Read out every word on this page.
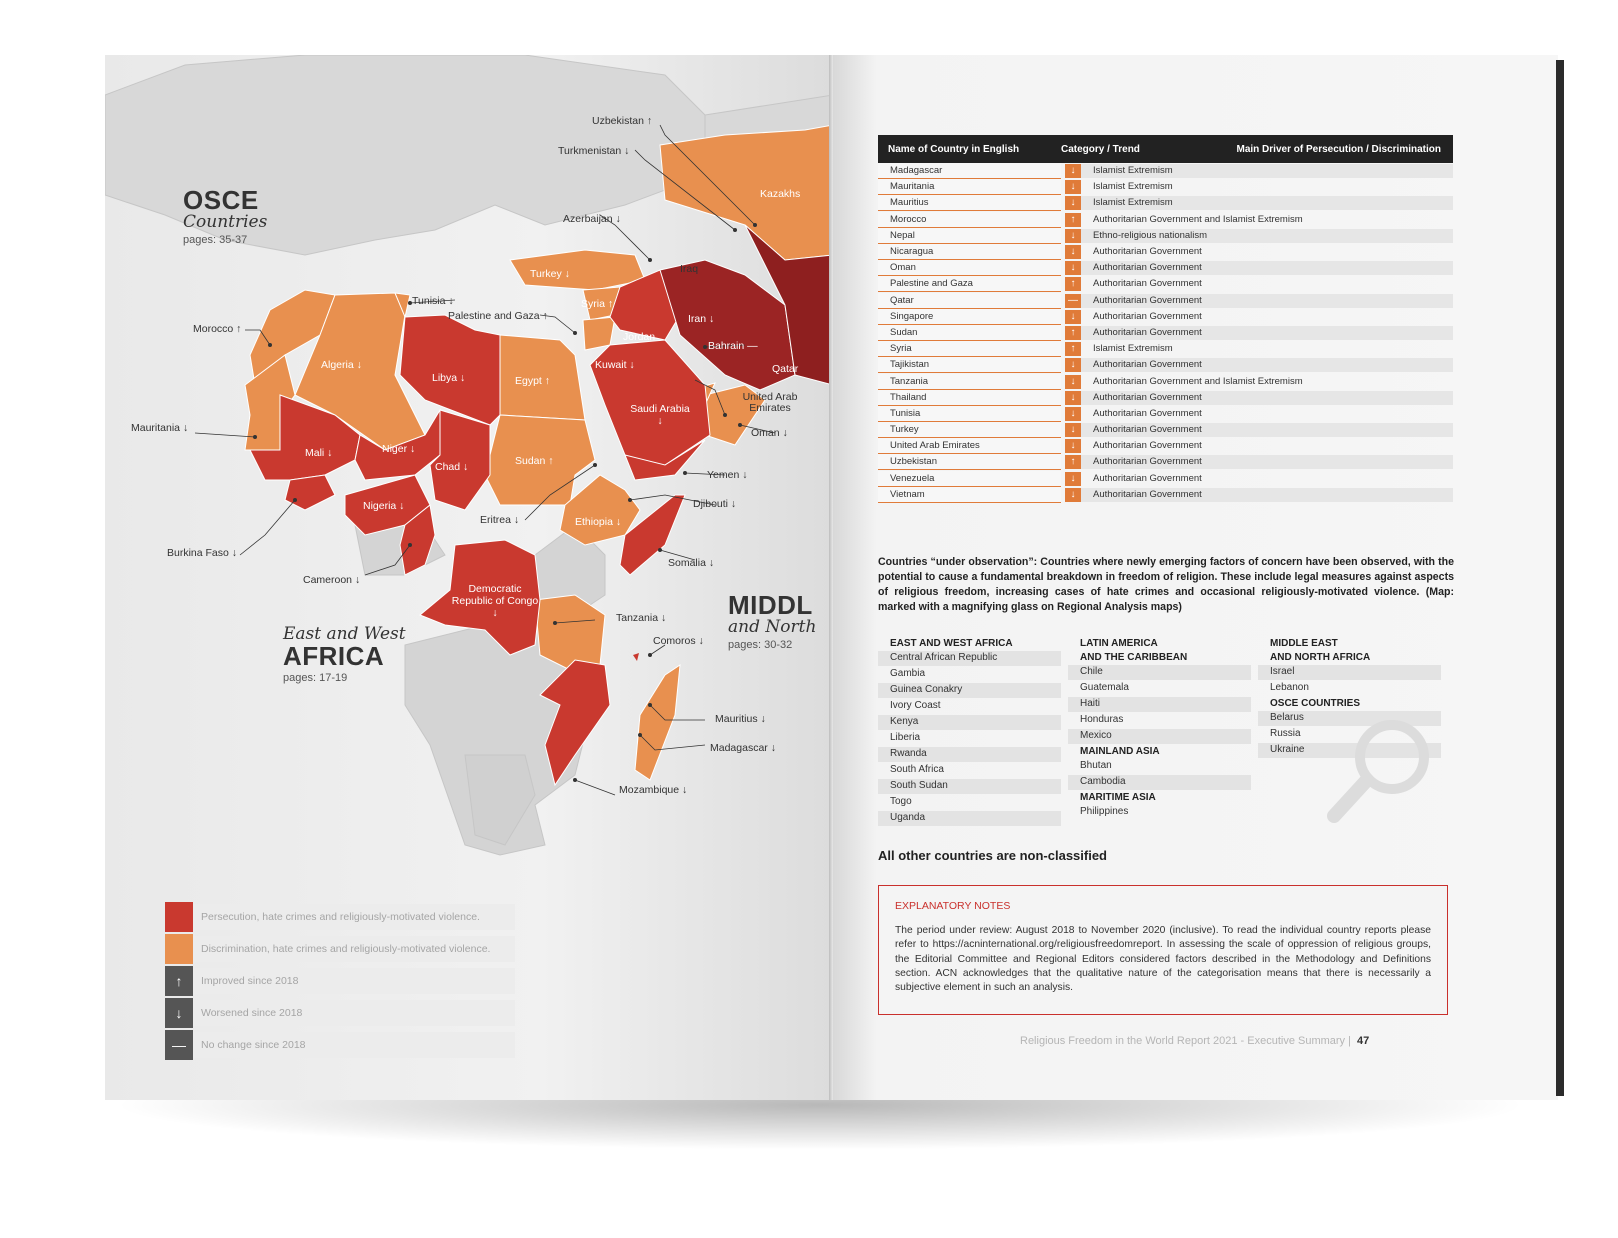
OSCE
Countries
pages: 35-37
East and West
AFRICA
pages: 17-19
MIDDL
and North
pages: 30-32
Uzbekistan ↑
Turkmenistan ↓
Kazakhs
Azerbaijan ↓
Turkey ↓	Iraq
Tunisia ↓	Syria ↑
Palestine and Gaza ↑
Morocco ↑
Iran ↓
Jordan
Bahrain —
Algeria ↓
Libya ↓	Egypt ↑
Kuwait ↓	Qatar
Saudi Arabia ↓
United Arab Emirates
Mauritania ↓	Oman ↓
Mali ↓	Niger ↓
Chad ↓	Sudan ↑
Yemen ↓
Djibouti ↓
Nigeria ↓
Eritrea ↓	Ethiopia ↓
Burkina Faso ↓
Somalia ↓
Cameroon ↓
Democratic Republic of Congo ↓	Tanzania ↓
Comoros ↓
Mauritius ↓
Madagascar ↓
Mozambique ↓
Persecution, hate crimes and religiously-motivated violence.
Discrimination, hate crimes and religiously-motivated violence.
↑	Improved since 2018
↓	Worsened since 2018
—	No change since 2018
Name of Country in English	Category / Trend	Main Driver of Persecution / Discrimination
Madagascar	↓	Islamist Extremism
Mauritania	↓	Islamist Extremism
Mauritius	↓	Islamist Extremism
Morocco	↑	Authoritarian Government and Islamist Extremism
Nepal	↓	Ethno-religious nationalism
Nicaragua	↓	Authoritarian Government
Oman	↓	Authoritarian Government
Palestine and Gaza	↑	Authoritarian Government
Qatar	—	Authoritarian Government
Singapore	↓	Authoritarian Government
Sudan	↑	Authoritarian Government
Syria	↑	Islamist Extremism
Tajikistan	↓	Authoritarian Government
Tanzania	↓	Authoritarian Government and Islamist Extremism
Thailand	↓	Authoritarian Government
Tunisia	↓	Authoritarian Government
Turkey	↓	Authoritarian Government
United Arab Emirates	↓	Authoritarian Government
Uzbekistan	↑	Authoritarian Government
Venezuela	↓	Authoritarian Government
Vietnam	↓	Authoritarian Government
Countries “under observation”: Countries where newly emerging factors of concern have been observed, with the potential to cause a fundamental breakdown in freedom of religion. These include legal measures against aspects of religious freedom, increasing cases of hate crimes and occasional religiously-motivated violence. (Map: marked with a magnifying glass on Regional Analysis maps)
EAST AND WEST AFRICA
Central African Republic
Gambia
Guinea Conakry
Ivory Coast
Kenya
Liberia
Rwanda
South Africa
South Sudan
Togo
Uganda
LATIN AMERICA
AND THE CARIBBEAN
Chile
Guatemala
Haiti
Honduras
Mexico
MAINLAND ASIA
Bhutan
Cambodia
MARITIME ASIA
Philippines
MIDDLE EAST
AND NORTH AFRICA
Israel
Lebanon
OSCE COUNTRIES
Belarus
Russia
Ukraine
All other countries are non-classified
EXPLANATORY NOTES
The period under review: August 2018 to November 2020 (inclusive). To read the individual country reports please refer to https://acninternational.org/religiousfreedomreport. In assessing the scale of oppression of religious groups, the Editorial Committee and Regional Editors considered factors described in the Methodology and Definitions section. ACN acknowledges that the qualitative nature of the categorisation means that there is necessarily a subjective element in such an analysis.
Religious Freedom in the World Report 2021 - Executive Summary | 47
